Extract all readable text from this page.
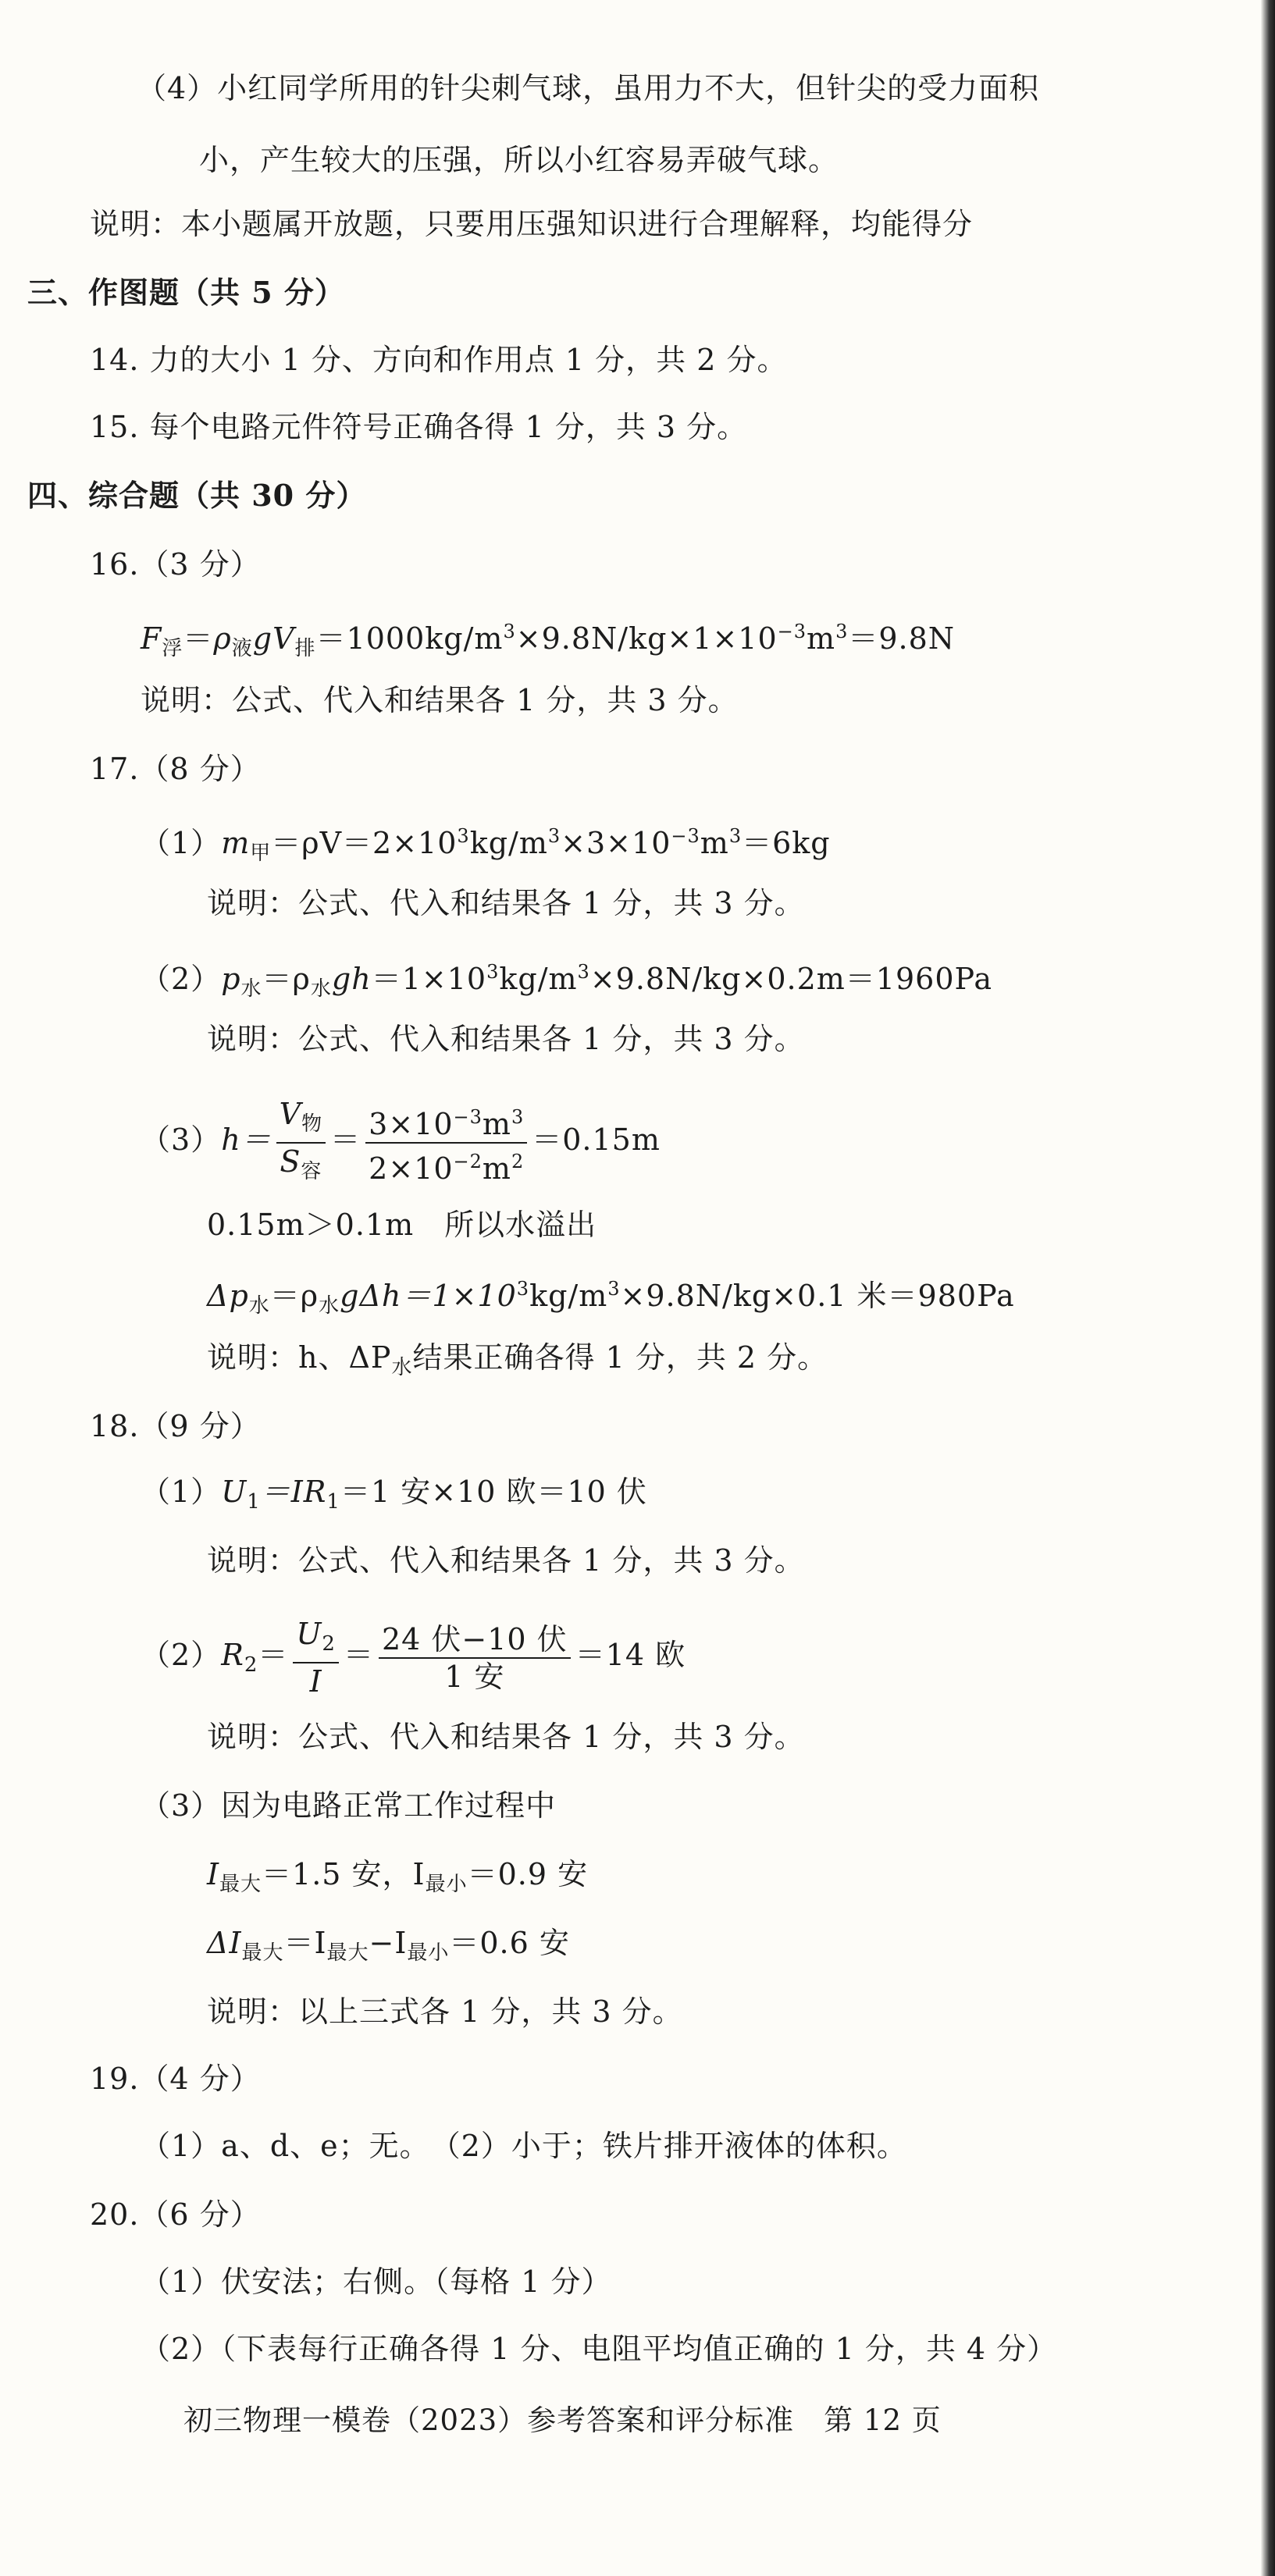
（4）小红同学所用的针尖刺气球，虽用力不大，但针尖的受力面积
小，产生较大的压强，所以小红容易弄破气球。
说明：本小题属开放题，只要用压强知识进行合理解释，均能得分
三、作图题（共 5 分）
14. 力的大小 1 分、方向和作用点 1 分，共 2 分。
15. 每个电路元件符号正确各得 1 分，共 3 分。
四、综合题（共 30 分）
16.（3 分）
$F_浮=\rho_液gV_排=1000kg/m^3\times 9.8N/kg\times 1\times 10^{-3}m^3=9.8N$
说明：公式、代入和结果各 1 分，共 3 分。
17.（8 分）
$(1)m_甲=\rho V=2\times 10^3kg/m^3\times 3\times 10^{-3}m^3=6kg$
说明：公式、代入和结果各 1 分，共 3 分。
$(2)p_水=\rho_水gh=1\times 10^3kg/m^3\times 9.8N/kg\times 0.2m=1960Pa$
说明：公式、代入和结果各 1 分，共 3 分。
$(3)h= \frac{V_物}{S_容} = \frac{3\times 10^{-3}m^3}{2\times 10^{-2}m^2} =0.15m$
0.15m＞0.1m　所以水溢出
$\Delta p_水=\rho_水g\Delta h=1\times 10^3kg/m^3\times 9.8N/kg\times 0.1$ 米＝980Pa
说明：h、$\Delta P_水$结果正确各得 1 分，共 2 分。
18.（9 分）
$(1)U_1=IR_1=1$ 安×10 欧＝10 伏
说明：公式、代入和结果各 1 分，共 3 分。
$(2)R_2= \frac{U_2}{I} = \frac{\text{24 伏−10 伏}}{\text{1 安}} =14$ 欧
说明：公式、代入和结果各 1 分，共 3 分。
（3）因为电路正常工作过程中
$I_{最大}=1.5$ 安，$I_{最小}=0.9$ 安
$\Delta I_{最大}=I_{最大}-I_{最小}=0.6$ 安
说明：以上三式各 1 分，共 3 分。
19.（4 分）
（1）a、d、e；无。　（2）小于；铁片排开液体的体积。
20.（6 分）
（1）伏安法；右侧。（每格 1 分）
（2）（下表每行正确各得 1 分、电阻平均值正确的 1 分，共 4 分）
初三物理一模卷（2023）参考答案和评分标准　第 12 页
